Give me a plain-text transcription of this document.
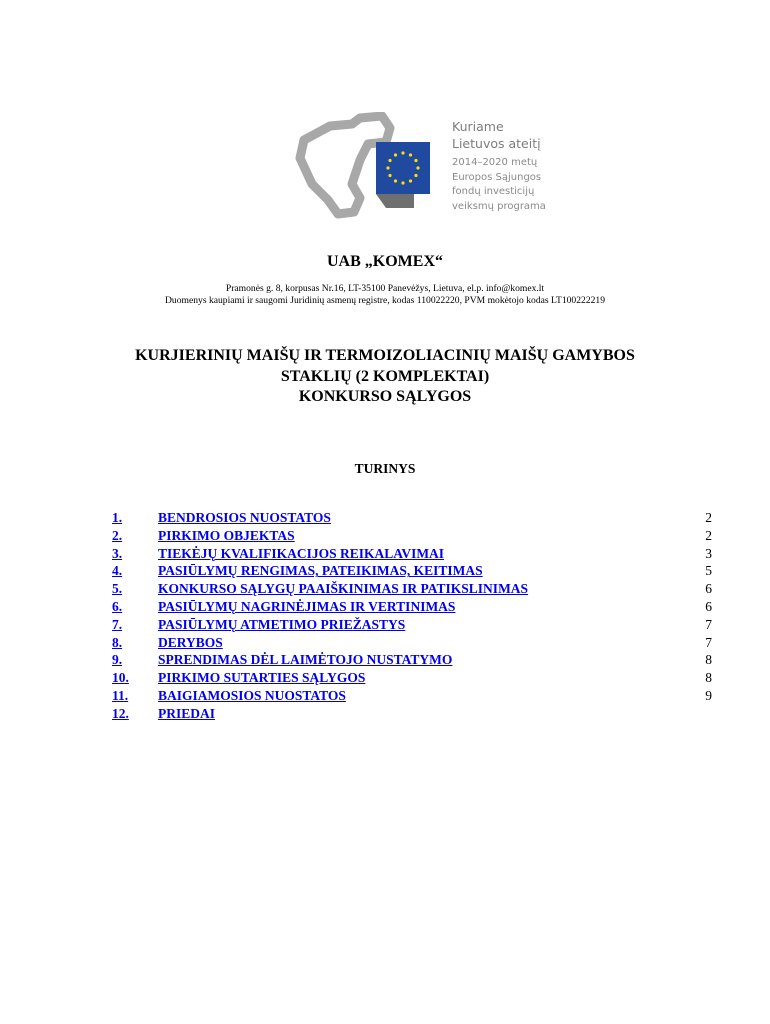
Kuriame
Lietuvos ateitį
2014–2020 metų
Europos Sąjungos
fondų investicijų
veiksmų programa
UAB „KOMEX“
Pramonės g. 8, korpusas Nr.16, LT-35100 Panevėžys, Lietuva, el.p. info@komex.lt
Duomenys kaupiami ir saugomi Juridinių asmenų registre, kodas 110022220, PVM mokėtojo kodas LT100222219
KURJIERINIŲ MAIŠŲ IR TERMOIZOLIACINIŲ MAIŠŲ GAMYBOS
STAKLIŲ (2 KOMPLEKTAI)
KONKURSO SĄLYGOS
TURINYS
1.	BENDROSIOS NUOSTATOS	2
2.	PIRKIMO OBJEKTAS	2
3.	TIEKĖJŲ KVALIFIKACIJOS REIKALAVIMAI	3
4.	PASIŪLYMŲ RENGIMAS, PATEIKIMAS, KEITIMAS	5
5.	KONKURSO SĄLYGŲ PAAIŠKINIMAS IR PATIKSLINIMAS	6
6.	PASIŪLYMŲ NAGRINĖJIMAS IR VERTINIMAS	6
7.	PASIŪLYMŲ ATMETIMO PRIEŽASTYS	7
8.	DERYBOS	7
9.	SPRENDIMAS DĖL LAIMĖTOJO NUSTATYMO	8
10. PIRKIMO SUTARTIES SĄLYGOS	8
11. BAIGIAMOSIOS NUOSTATOS	9
12. PRIEDAI
